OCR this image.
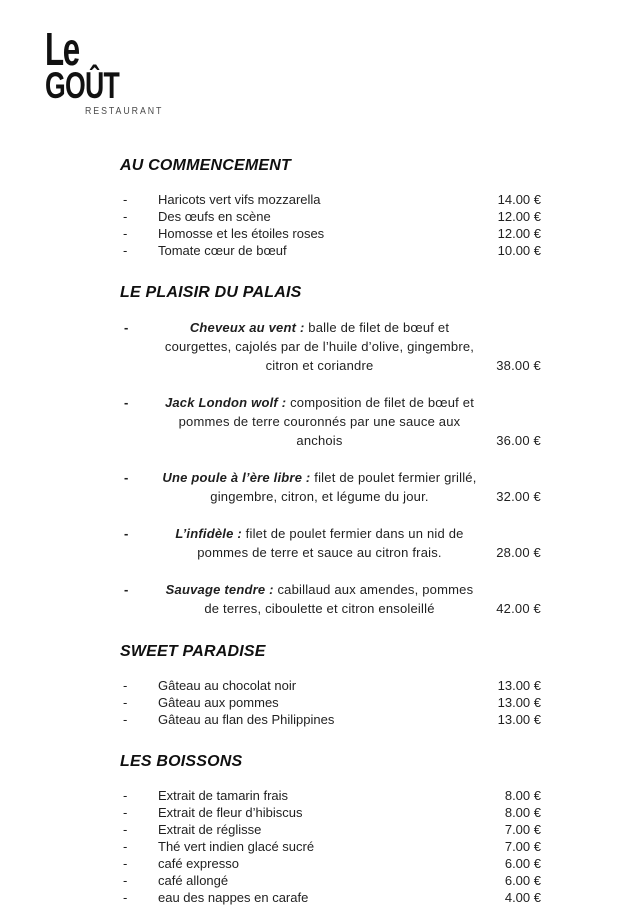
Le
GOÛT
RESTAURANT
AU COMMENCEMENT
-	Haricots vert vifs mozzarella	14.00 €
-	Des œufs en scène	12.00 €
-	Homosse et les étoiles roses	12.00 €
-	Tomate cœur de bœuf	10.00 €
LE PLAISIR DU PALAIS
-	Cheveux au vent : balle de filet de bœuf et courgettes, cajolés par de l’huile d’olive, gingembre, citron et coriandre	38.00 €
-	Jack London wolf : composition de filet de bœuf et pommes de terre couronnés par une sauce aux anchois	36.00 €
-	Une poule à l’ère libre : filet de poulet fermier grillé, gingembre, citron, et légume du jour.	32.00 €
-	L’infidèle : filet de poulet fermier dans un nid de pommes de terre et sauce au citron frais.	28.00 €
-	Sauvage tendre : cabillaud aux amendes, pommes de terres, ciboulette et citron ensoleillé	42.00 €
SWEET PARADISE
-	Gâteau au chocolat noir	13.00 €
-	Gâteau aux pommes	13.00 €
-	Gâteau au flan des Philippines	13.00 €
LES BOISSONS
-	Extrait de tamarin frais	8.00 €
-	Extrait de fleur d’hibiscus	8.00 €
-	Extrait de réglisse	7.00 €
-	Thé vert indien glacé sucré	7.00 €
-	café expresso	6.00 €
-	café allongé	6.00 €
-	eau des nappes en carafe	4.00 €
